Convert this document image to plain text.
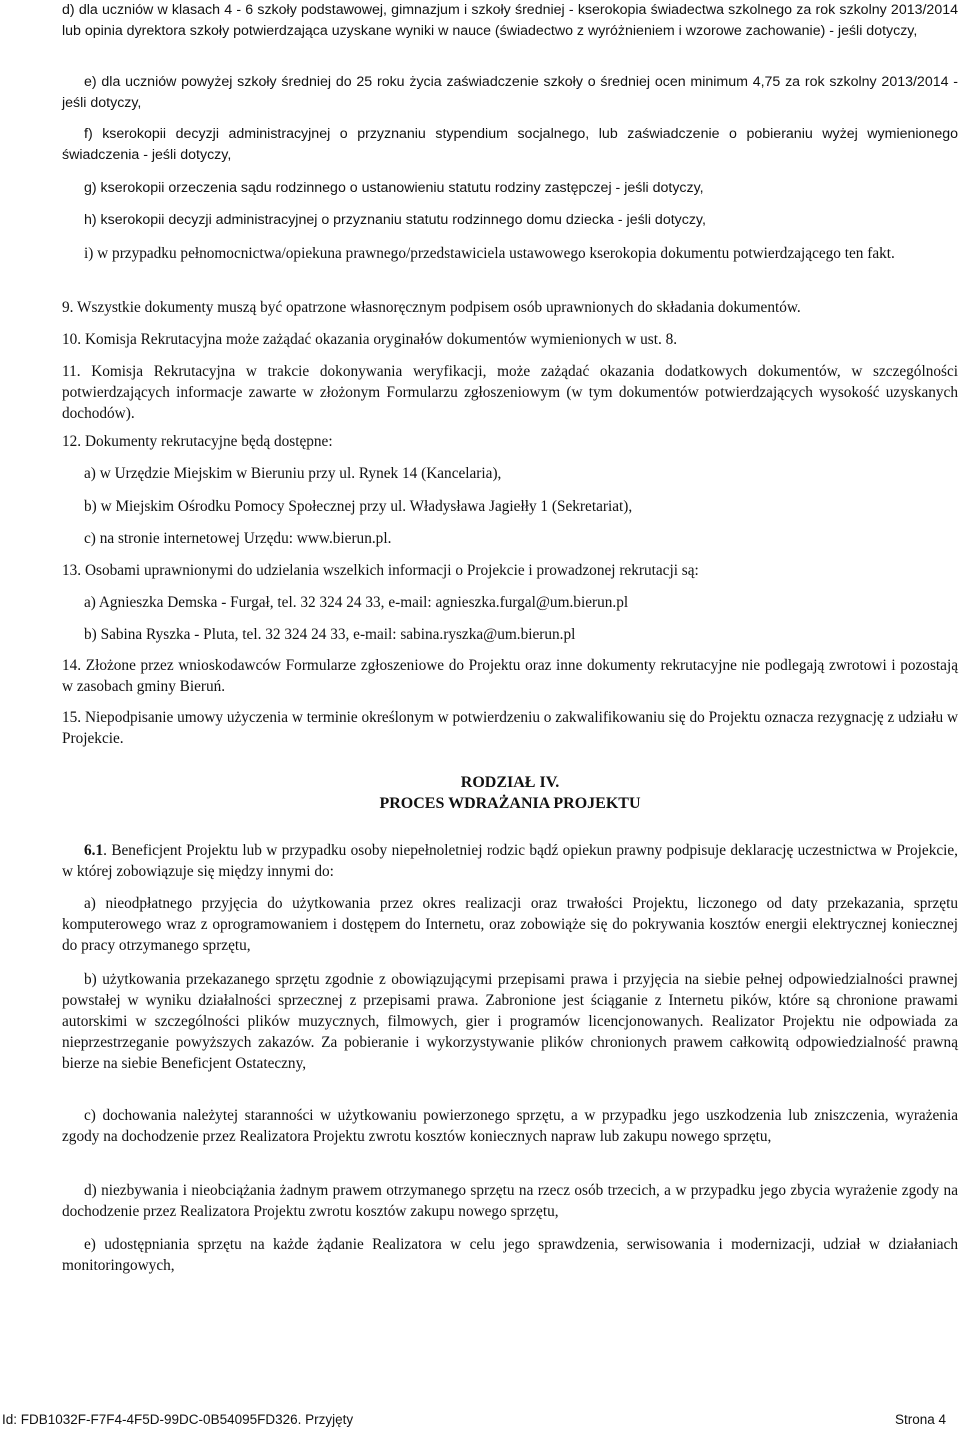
d) dla uczniów w klasach 4 - 6 szkoły podstawowej, gimnazjum i szkoły średniej - kserokopia świadectwa szkolnego za rok szkolny 2013/2014 lub opinia dyrektora szkoły potwierdzająca uzyskane wyniki w nauce (świadectwo z wyróżnieniem i wzorowe zachowanie) - jeśli dotyczy,

e) dla uczniów powyżej szkoły średniej do 25 roku życia zaświadczenie szkoły o średniej ocen minimum 4,75 za rok szkolny 2013/2014 - jeśli dotyczy,

f) kserokopii decyzji administracyjnej o przyznaniu stypendium socjalnego, lub zaświadczenie o pobieraniu wyżej wymienionego świadczenia - jeśli dotyczy,

g) kserokopii orzeczenia sądu rodzinnego o ustanowieniu statutu rodziny zastępczej - jeśli dotyczy,

h) kserokopii decyzji administracyjnej o przyznaniu statutu rodzinnego domu dziecka - jeśli dotyczy,

i) w przypadku pełnomocnictwa/opiekuna prawnego/przedstawiciela ustawowego kserokopia dokumentu potwierdzającego ten fakt.

9. Wszystkie dokumenty muszą być opatrzone własnoręcznym podpisem osób uprawnionych do składania dokumentów.

10. Komisja Rekrutacyjna może zażądać okazania oryginałów dokumentów wymienionych w ust. 8.

11. Komisja Rekrutacyjna w trakcie dokonywania weryfikacji, może zażądać okazania dodatkowych dokumentów, w szczególności potwierdzających informacje zawarte w złożonym Formularzu zgłoszeniowym (w tym dokumentów potwierdzających wysokość uzyskanych dochodów).

12. Dokumenty rekrutacyjne będą dostępne:

a) w Urzędzie Miejskim w Bieruniu przy ul. Rynek 14 (Kancelaria),

b) w Miejskim Ośrodku Pomocy Społecznej przy ul. Władysława Jagiełły 1 (Sekretariat),

c) na stronie internetowej Urzędu: www.bierun.pl.

13. Osobami uprawnionymi do udzielania wszelkich informacji o Projekcie i prowadzonej rekrutacji są:

a) Agnieszka Demska - Furgał, tel. 32 324 24 33, e-mail: agnieszka.furgal@um.bierun.pl

b) Sabina Ryszka - Pluta, tel. 32 324 24 33, e-mail: sabina.ryszka@um.bierun.pl

14. Złożone przez wnioskodawców Formularze zgłoszeniowe do Projektu oraz inne dokumenty rekrutacyjne nie podlegają zwrotowi i pozostają w zasobach gminy Bieruń.

15. Niepodpisanie umowy użyczenia w terminie określonym w potwierdzeniu o zakwalifikowaniu się do Projektu oznacza rezygnację z udziału w Projekcie.

6.1. Beneficjent Projektu lub w przypadku osoby niepełnoletniej rodzic bądź opiekun prawny podpisuje deklarację uczestnictwa w Projekcie, w której zobowiązuje się między innymi do:

a) nieodpłatnego przyjęcia do użytkowania przez okres realizacji oraz trwałości Projektu, liczonego od daty przekazania, sprzętu komputerowego wraz z oprogramowaniem i dostępem do Internetu, oraz zobowiąże się do pokrywania kosztów energii elektrycznej koniecznej do pracy otrzymanego sprzętu,

b) użytkowania przekazanego sprzętu zgodnie z obowiązującymi przepisami prawa i przyjęcia na siebie pełnej odpowiedzialności prawnej powstałej w wyniku działalności sprzecznej z przepisami prawa. Zabronione jest ściąganie z Internetu pików, które są chronione prawami autorskimi w szczególności plików muzycznych, filmowych, gier i programów licencjonowanych. Realizator Projektu nie odpowiada za nieprzestrzeganie powyższych zakazów. Za pobieranie i wykorzystywanie plików chronionych prawem całkowitą odpowiedzialność prawną bierze na siebie Beneficjent Ostateczny,

c) dochowania należytej staranności w użytkowaniu powierzonego sprzętu, a w przypadku jego uszkodzenia lub zniszczenia, wyrażenia zgody na dochodzenie przez Realizatora Projektu zwrotu kosztów koniecznych napraw lub zakupu nowego sprzętu,

d) niezbywania i nieobciążania żadnym prawem otrzymanego sprzętu na rzecz osób trzecich, a w przypadku jego zbycia wyrażenie zgody na dochodzenie przez Realizatora Projektu zwrotu kosztów zakupu nowego sprzętu,

e) udostępniania sprzętu na każde żądanie Realizatora w celu jego sprawdzenia, serwisowania i modernizacji, udział w działaniach monitoringowych,

RODZIAŁ IV.
PROCES WDRAŻANIA PROJEKTU
Id: FDB1032F-F7F4-4F5D-99DC-0B54095FD326. Przyjęty	Strona 4
